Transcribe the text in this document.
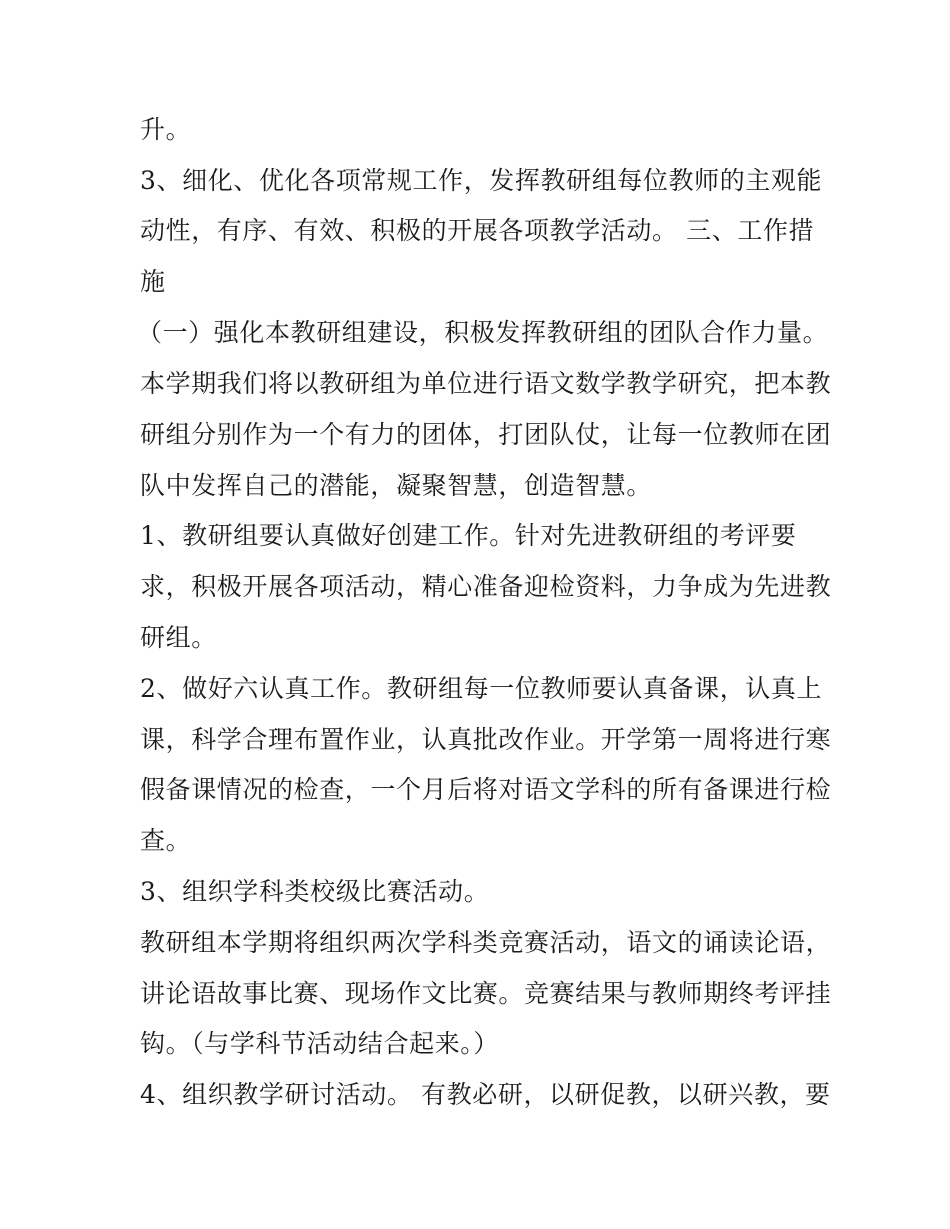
升。
3、细化、优化各项常规工作，发挥教研组每位教师的主观能
动性，有序、有效、积极的开展各项教学活动。 三、工作措
施
（一）强化本教研组建设，积极发挥教研组的团队合作力量。
本学期我们将以教研组为单位进行语文数学教学研究，把本教
研组分别作为一个有力的团体，打团队仗，让每一位教师在团
队中发挥自己的潜能，凝聚智慧，创造智慧。
1、教研组要认真做好创建工作。针对先进教研组的考评要
求，积极开展各项活动，精心准备迎检资料，力争成为先进教
研组。
2、做好六认真工作。教研组每一位教师要认真备课，认真上
课，科学合理布置作业，认真批改作业。开学第一周将进行寒
假备课情况的检查，一个月后将对语文学科的所有备课进行检
查。
3、组织学科类校级比赛活动。
教研组本学期将组织两次学科类竞赛活动，语文的诵读论语，
讲论语故事比赛、现场作文比赛。竞赛结果与教师期终考评挂
钩。（与学科节活动结合起来。）
4、组织教学研讨活动。 有教必研，以研促教，以研兴教，要
